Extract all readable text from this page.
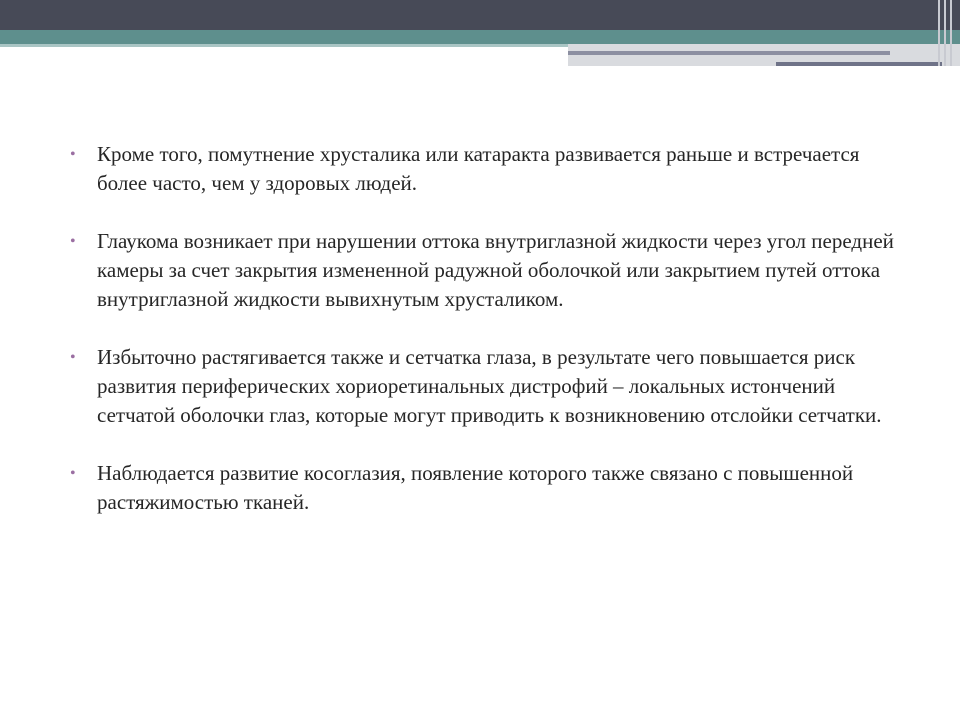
•	Кроме того, помутнение хрусталика или катаракта развивается раньше и встречается более часто, чем у здоровых людей.
•	Глаукома возникает при нарушении оттока внутриглазной жидкости через угол передней камеры за счет закрытия измененной радужной оболочкой или закрытием путей оттока внутриглазной жидкости вывихнутым хрусталиком.
•	Избыточно растягивается также и сетчатка глаза, в результате чего повышается риск развития периферических хориоретинальных дистрофий – локальных истончений сетчатой оболочки глаз, которые могут приводить к возникновению отслойки сетчатки.
•	Наблюдается развитие косоглазия, появление которого также связано с повышенной растяжимостью тканей.
